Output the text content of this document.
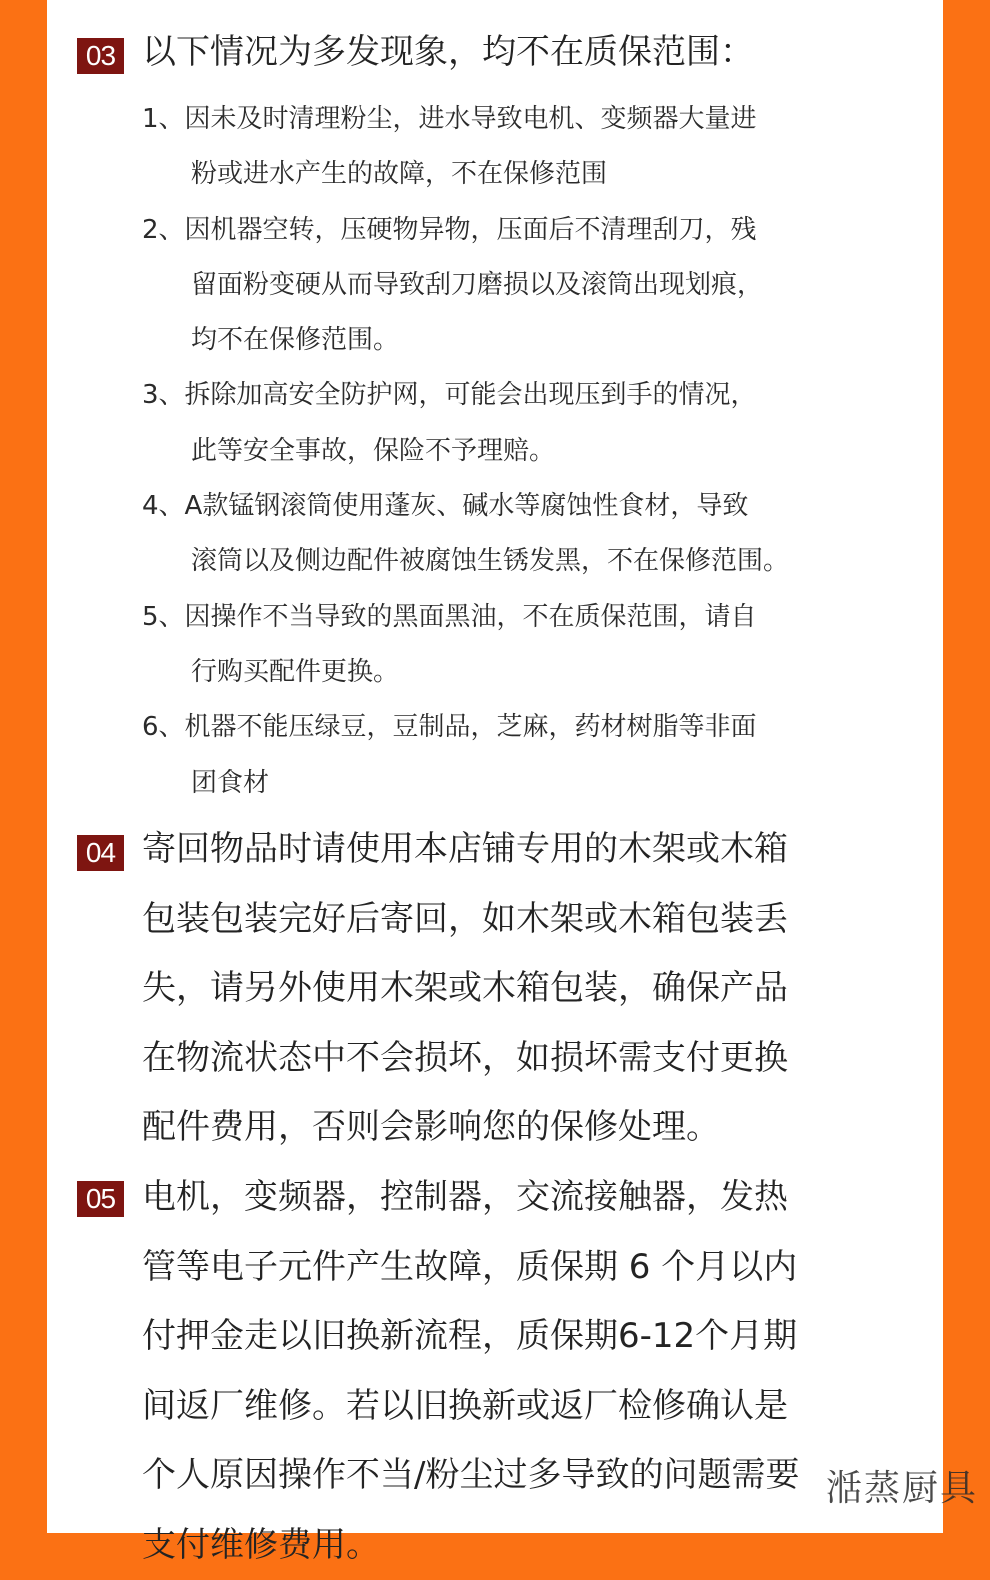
03 以下情况为多发现象，均不在质保范围：
1、因未及时清理粉尘，进水导致电机、变频器大量进
粉或进水产生的故障，不在保修范围
2、因机器空转，压硬物异物，压面后不清理刮刀，残
留面粉变硬从而导致刮刀磨损以及滚筒出现划痕，
均不在保修范围。
3、拆除加高安全防护网，可能会出现压到手的情况，
此等安全事故，保险不予理赔。
4、A款锰钢滚筒使用蓬灰、碱水等腐蚀性食材，导致
滚筒以及侧边配件被腐蚀生锈发黑，不在保修范围。
5、因操作不当导致的黑面黑油，不在质保范围，请自
行购买配件更换。
6、机器不能压绿豆，豆制品，芝麻，药材树脂等非面
团食材
04 寄回物品时请使用本店铺专用的木架或木箱
包装包装完好后寄回，如木架或木箱包装丢
失，请另外使用木架或木箱包装，确保产品
在物流状态中不会损坏，如损坏需支付更换
配件费用，否则会影响您的保修处理。
05 电机，变频器，控制器，交流接触器，发热
管等电子元件产生故障，质保期 6 个月以内
付押金走以旧换新流程，质保期6-12个月期
间返厂维修。若以旧换新或返厂检修确认是
个人原因操作不当/粉尘过多导致的问题需要
支付维修费用。
湉蒸厨具
